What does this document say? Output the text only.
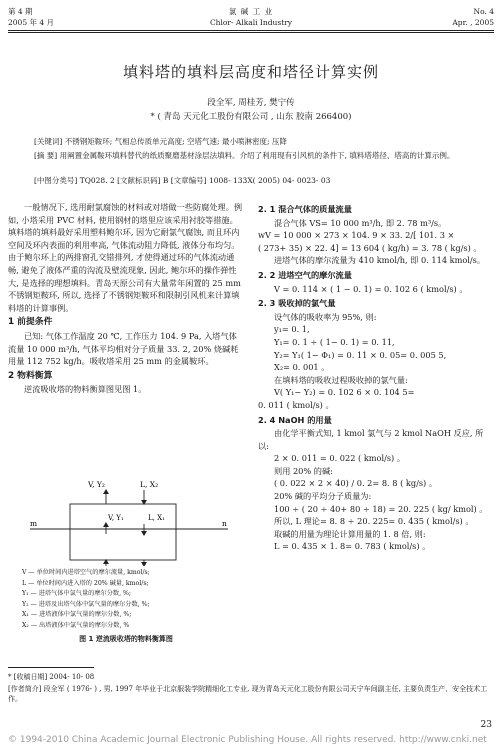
第 4 期
2005 年 4 月
氯 碱 工 业
Chlor- Alkali Industry
No. 4
Apr. , 2005
填料塔的填料层高度和塔径计算实例
段全军, 周桂芳, 樊宁传
* ( 青岛 天元化工股份有限公司 , 山东 胶南 266400)
[关键词] 不锈钢矩鞍环; 气相总传质单元高度; 空塔气速; 最小喷淋密度; 压降
[摘 要] 用阐置金属鞍环填料替代的纸质聚磨基材涂层法填料。介绍了利用现有引风机的条件下, 填料塔塔径、塔高的计算示例。
[中图分类号] TQ028. 2 [文献标识码] B [文章编号] 1008- 133X( 2005) 04- 0023- 03

一般情况下, 选用耐氯腐蚀的材料或对塔做一些防腐处理。例如, 小塔采用 PVC 材料, 使用钢材的塔里应该采用衬胶等措施。填料塔的填料最好采用塑料鲍尔环, 因为它耐氯气腐蚀, 而且环内空间及环内表面的利用率高, 气体流动阻力降低, 液体分布均匀。由于鲍尔环上的两排窗孔交错排列, 才使得通过环的气体流动通畅, 避免了液体严重的沟流及壁流现象, 因此, 鲍尔环的操作弹性大, 是选择的理想填料。青岛天原公司有大量常年闲置的 25 mm 不锈钢矩鞍环, 所以, 选择了不锈钢矩鞍环和限制引风机来计算填料塔的计算事例。

1 前提条件

已知: 气体工作温度 20 ℃, 工作压力 104. 9 Pa, 入塔气体流量 10 000 m³/h, 气体平均相对分子质量 33. 2, 20% 烧碱耗用量 112 752 kg/h。吸收塔采用 25 mm 的金属鞍环。

2 物料衡算

逆流吸收塔的物料衡算图见图 1。

V, Y₂	L, X₂
V, Y₁	L, X₁
m	n
V — 单位时间内进塔空气的摩尔流量, kmol/s;
L — 单位时间内进入塔的 20% 碱量, kmol/s;
Y₁ — 进塔气体中氯气量的摩尔分数, %;
Y₂ — 进塔及出塔气体中氯气量的摩尔分数, %;
X₁ — 进塔液体中氯气量的摩尔分数, %;
X₂ — 出塔液体中氯气量的摩尔分数, %
图 1 逆流吸收塔的物料衡算图
2. 1 混合气体的质量流量

混合气体 VS= 10 000 m³/h, 即 2. 78 m³/s。

wV = 10 000 × 273 × 104. 9 × 33. 2/[ 101. 3 ×

( 273+ 35) × 22. 4] = 13 604 ( kg/h) = 3. 78 ( kg/s) 。

进塔气体的摩尔流量为 410 kmol/h, 即 0. 114 kmol/s。

2. 2 进塔空气的摩尔流量

V = 0. 114 × ( 1 − 0. 1) = 0. 102 6 ( kmol/s) 。

2. 3 吸收掉的氯气量

设气体的吸收率为 95%, 则:

y₁= 0. 1,

Y₁= 0. 1 ÷ ( 1− 0. 1) = 0. 11,

Y₂= Y₁( 1− Φ₁) = 0. 11 × 0. 05= 0. 005 5,

X₂= 0. 001 。

在填料塔的吸收过程吸收掉的氯气量:

V( Y₁− Y₂) = 0. 102 6 × 0. 104 5=

0. 011 ( kmol/s) 。

2. 4 NaOH 的用量

由化学平衡式知, 1 kmol 氯气与 2 kmol NaOH 反应, 所以:

2 × 0. 011 = 0. 022 ( kmol/s) 。

则用 20% 的碱:

( 0. 022 × 2 × 40) / 0. 2= 8. 8 ( kg/s) 。

20% 碱的平均分子质量为:

100 ÷ ( 20 ÷ 40+ 80 ÷ 18) = 20. 225 ( kg/ kmol) 。

所以, L 理论= 8. 8 ÷ 20. 225= 0. 435 ( kmol/s) 。

取碱的用量为理论计算用量的 1. 8 倍, 则:

L = 0. 435 × 1. 8= 0. 783 ( kmol/s) 。

* [收稿日期] 2004- 10- 08
[作者简介] 段全军 ( 1976- ) , 男, 1997 年毕业于北京服装学院精细化工专业, 现为青岛天元化工股份有限公司天宁车间副主任, 主要负责生产、安全技术工作。
23
© 1994-2010 China Academic Journal Electronic Publishing House. All rights reserved. http://www.cnki.net
